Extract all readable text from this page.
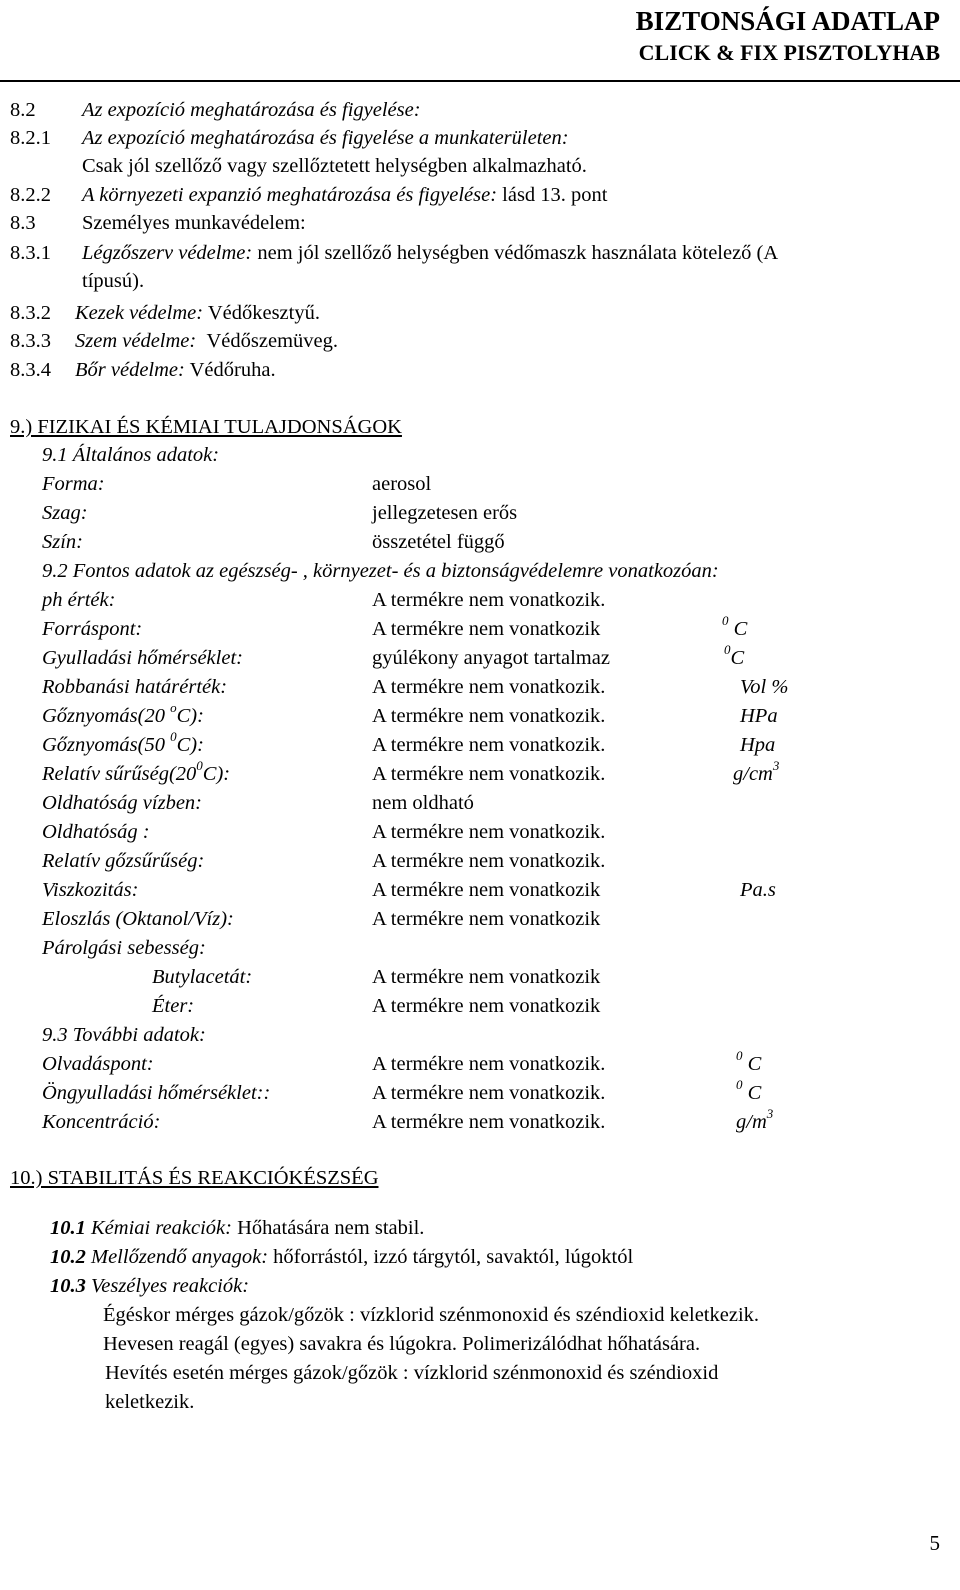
BIZTONSÁGI ADATLAP
CLICK & FIX PISZTOLYHAB
8.2 Az expozíció meghatározása és figyelése:
8.2.1 Az expozíció meghatározása és figyelése a munkaterületen:
Csak jól szellőző vagy szellőztetett helységben alkalmazható.
8.2.2 A környezeti expanzió meghatározása és figyelése: lásd 13. pont
8.3 Személyes munkavédelem:
8.3.1 Légzőszerv védelme: nem jól szellőző helységben védőmaszk használata kötelező (A
típusú).
8.3.2 Kezek védelme: Védőkesztyű.
8.3.3 Szem védelme: Védőszemüveg.
8.3.4 Bőr védelme: Védőruha.
9.) FIZIKAI ÉS KÉMIAI TULAJDONSÁGOK
9.1 Általános adatok:
Forma:	aerosol
Szag:	jellegzetesen erős
Szín:	összetétel függő
9.2 Fontos adatok az egészség- , környezet- és a biztonságvédelemre vonatkozóan:
ph érték:	A termékre nem vonatkozik.
Forráspont:	A termékre nem vonatkozik	$^0$ C
Gyulladási hőmérséklet:	gyúlékony anyagot tartalmaz	$^0$C
Robbanási határérték:	A termékre nem vonatkozik.	Vol %
Gőznyomás(20 $^o$C):	A termékre nem vonatkozik.	HPa
Gőznyomás(50 $^0$C):	A termékre nem vonatkozik.	Hpa
Relatív $sűrűség(20^0C)$:	A termékre nem vonatkozik.	$g/cm^3$
Oldhatóság vízben:	nem oldható
Oldhatóság :	A termékre nem vonatkozik.
Relatív gőzsűrűség:	A termékre nem vonatkozik.
Viszkozitás:	A termékre nem vonatkozik	Pa.s
Eloszlás (Oktanol/Víz):	A termékre nem vonatkozik
Párolgási sebesség:
Butylacetát:	A termékre nem vonatkozik
Éter:	A termékre nem vonatkozik
9.3 További adatok:
Olvadáspont:	A termékre nem vonatkozik.	$^0$ C
Öngyulladási hőmérséklet::	A termékre nem vonatkozik.	$^0$ C
Koncentráció:	A termékre nem vonatkozik.	$g/m^3$
10.) STABILITÁS ÉS REAKCIÓKÉSZSÉG
10.1 Kémiai reakciók: Hőhatására nem stabil.
10.2 Mellőzendő anyagok: hőforrástól, izzó tárgytól, savaktól, lúgoktól
10.3 Veszélyes reakciók:
Égéskor mérges gázok/gőzök : vízklorid szénmonoxid és széndioxid keletkezik.
Hevesen reagál (egyes) savakra és lúgokra. Polimerizálódhat hőhatására.
Hevítés esetén mérges gázok/gőzök : vízklorid szénmonoxid és széndioxid
keletkezik.
5
